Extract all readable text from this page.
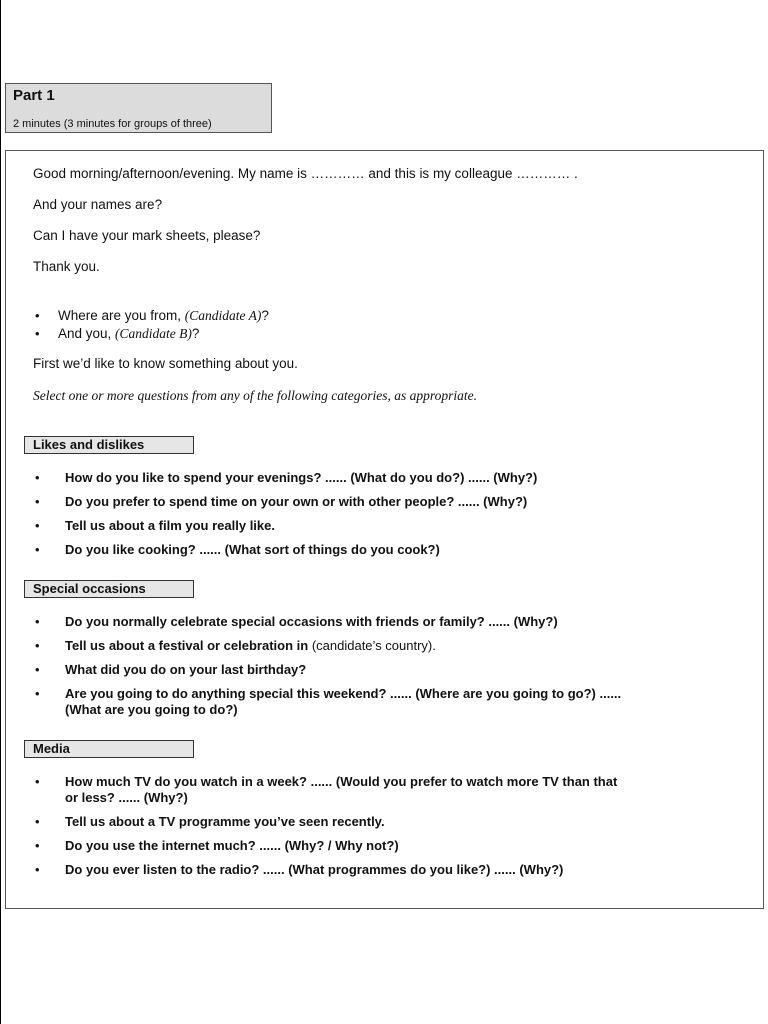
Part 1
2 minutes (3 minutes for groups of three)
Good morning/afternoon/evening. My name is ………… and this is my colleague ………… .
And your names are?
Can I have your mark sheets, please?
Thank you.
• Where are you from, (Candidate A)?
• And you, (Candidate B)?
First we’d like to know something about you.
Select one or more questions from any of the following categories, as appropriate.
Likes and dislikes
• How do you like to spend your evenings? ...... (What do you do?) ...... (Why?)
• Do you prefer to spend time on your own or with other people? ...... (Why?)
• Tell us about a film you really like.
• Do you like cooking? ...... (What sort of things do you cook?)
Special occasions
• Do you normally celebrate special occasions with friends or family? ...... (Why?)
• Tell us about a festival or celebration in (candidate’s country).
• What did you do on your last birthday?
• Are you going to do anything special this weekend? ...... (Where are you going to go?) ......
(What are you going to do?)
Media
• How much TV do you watch in a week? ...... (Would you prefer to watch more TV than that
or less? ...... (Why?)
• Tell us about a TV programme you’ve seen recently.
• Do you use the internet much? ...... (Why? / Why not?)
• Do you ever listen to the radio? ...... (What programmes do you like?) ...... (Why?)
